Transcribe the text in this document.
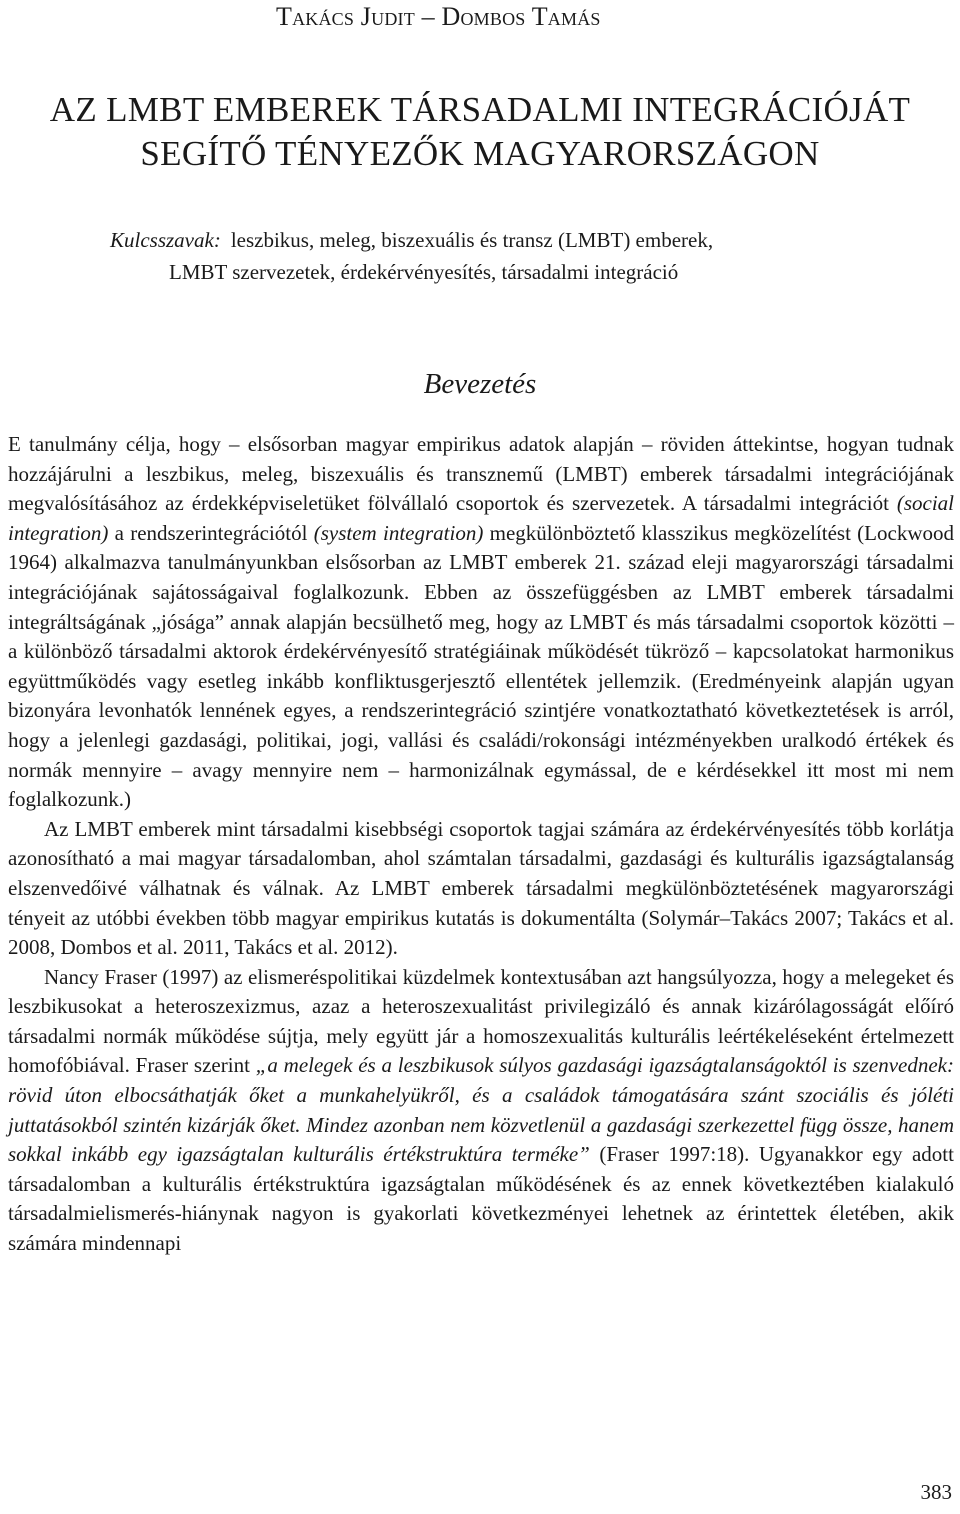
Takács Judit – Dombos Tamás
AZ LMBT EMBEREK TÁRSADALMI INTEGRÁCIÓJÁT
SEGÍTŐ TÉNYEZŐK MAGYARORSZÁGON
Kulcsszavak: leszbikus, meleg, biszexuális és transz (LMBT) emberek,
LMBT szervezetek, érdekérvényesítés, társadalmi integráció
Bevezetés

E tanulmány célja, hogy – elsősorban magyar empirikus adatok alapján – röviden áttekintse, hogyan tudnak hozzájárulni a leszbikus, meleg, biszexuális és transznemű (LMBT) emberek társadalmi integrációjának megvalósításához az érdekképviseletüket fölvállaló csoportok és szervezetek. A társadalmi integrációt (social integration) a rendszerintegrációtól (system integration) megkülönböztető klasszikus megközelítést (Lockwood 1964) alkalmazva tanulmányunkban elsősorban az LMBT emberek 21. század eleji magyarországi társadalmi integrációjának sajátosságaival foglalkozunk. Ebben az összefüggésben az LMBT emberek társadalmi integráltságának „jósága” annak alapján becsülhető meg, hogy az LMBT és más társadalmi csoportok közötti – a különböző társadalmi aktorok érdekérvényesítő stratégiáinak működését tükröző – kapcsolatokat harmonikus együttműködés vagy esetleg inkább konfliktusgerjesztő ellentétek jellemzik. (Eredményeink alapján ugyan bizonyára levonhatók lennének egyes, a rendszerintegráció szintjére vonatkoztatható következtetések is arról, hogy a jelenlegi gazdasági, politikai, jogi, vallási és családi/rokonsági intézményekben uralkodó értékek és normák mennyire – avagy mennyire nem – harmonizálnak egymással, de e kérdésekkel itt most mi nem foglalkozunk.)

Az LMBT emberek mint társadalmi kisebbségi csoportok tagjai számára az érdekérvényesítés több korlátja azonosítható a mai magyar társadalomban, ahol számtalan társadalmi, gazdasági és kulturális igazságtalanság elszenvedőivé válhatnak és válnak. Az LMBT emberek társadalmi megkülönböztetésének magyarországi tényeit az utóbbi években több magyar empirikus kutatás is dokumentálta (Solymár–Takács 2007; Takács et al. 2008, Dombos et al. 2011, Takács et al. 2012).

Nancy Fraser (1997) az elismeréspolitikai küzdelmek kontextusában azt hangsúlyozza, hogy a melegeket és leszbikusokat a heteroszexizmus, azaz a heteroszexualitást privilegizáló és annak kizárólagosságát előíró társadalmi normák működése sújtja, mely együtt jár a homoszexualitás kulturális leértékeléseként értelmezett homofóbiával. Fraser szerint „a melegek és a leszbikusok súlyos gazdasági igazságtalanságoktól is szenvednek: rövid úton elbocsáthatják őket a munkahelyükről, és a családok támogatására szánt szociális és jóléti juttatásokból szintén kizárják őket. Mindez azonban nem közvetlenül a gazdasági szerkezettel függ össze, hanem sokkal inkább egy igazságtalan kulturális értékstruktúra terméke” (Fraser 1997:18). Ugyanakkor egy adott társadalomban a kulturális értékstruktúra igazságtalan működésének és az ennek következtében kialakuló társadalmielismerés-hiánynak nagyon is gyakorlati következményei lehetnek az érintettek életében, akik számára mindennapi

383
